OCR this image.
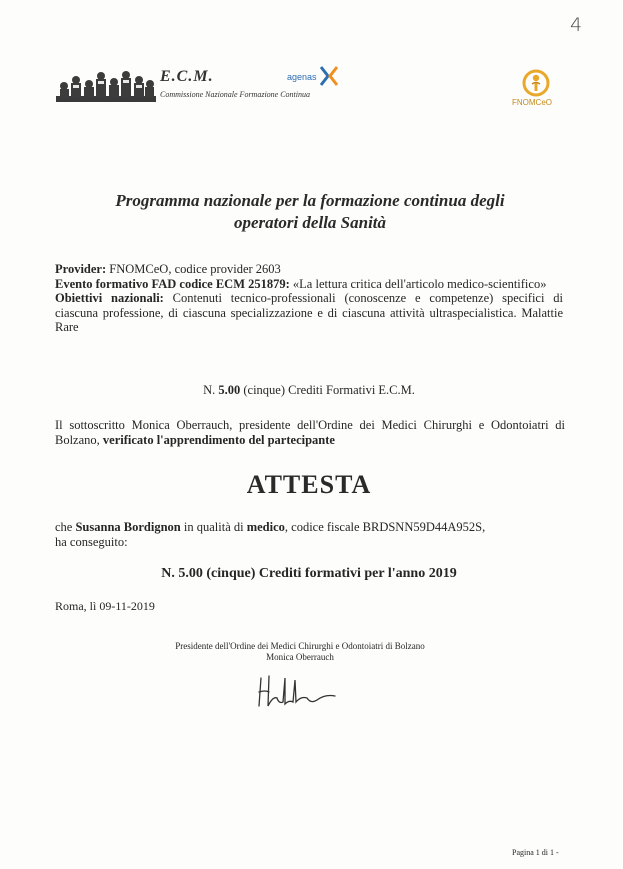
4
E.C.M.
Commissione Nazionale Formazione Continua
agenas
FNOMCeO
Programma nazionale per la formazione continua degli
operatori della Sanità

Provider: FNOMCeO, codice provider 2603

Evento formativo FAD codice ECM 251879: «La lettura critica dell'articolo medico-scientifico»

Obiettivi nazionali: Contenuti tecnico-professionali (conoscenze e competenze) specifici di ciascuna professione, di ciascuna specializzazione e di ciascuna attività ultraspecialistica. Malattie Rare

N. 5.00 (cinque) Crediti Formativi E.C.M.
Il sottoscritto Monica Oberrauch, presidente dell'Ordine dei Medici Chirurghi e Odontoiatri di Bolzano, verificato l'apprendimento del partecipante
ATTESTA
che Susanna Bordignon in qualità di medico, codice fiscale BRDSNN59D44A952S,
ha conseguito:
N. 5.00 (cinque) Crediti formativi per l'anno 2019
Roma, lì 09-11-2019
Presidente dell'Ordine dei Medici Chirurghi e Odontoiatri di Bolzano
Monica Oberrauch
Pagina 1 di 1 -
